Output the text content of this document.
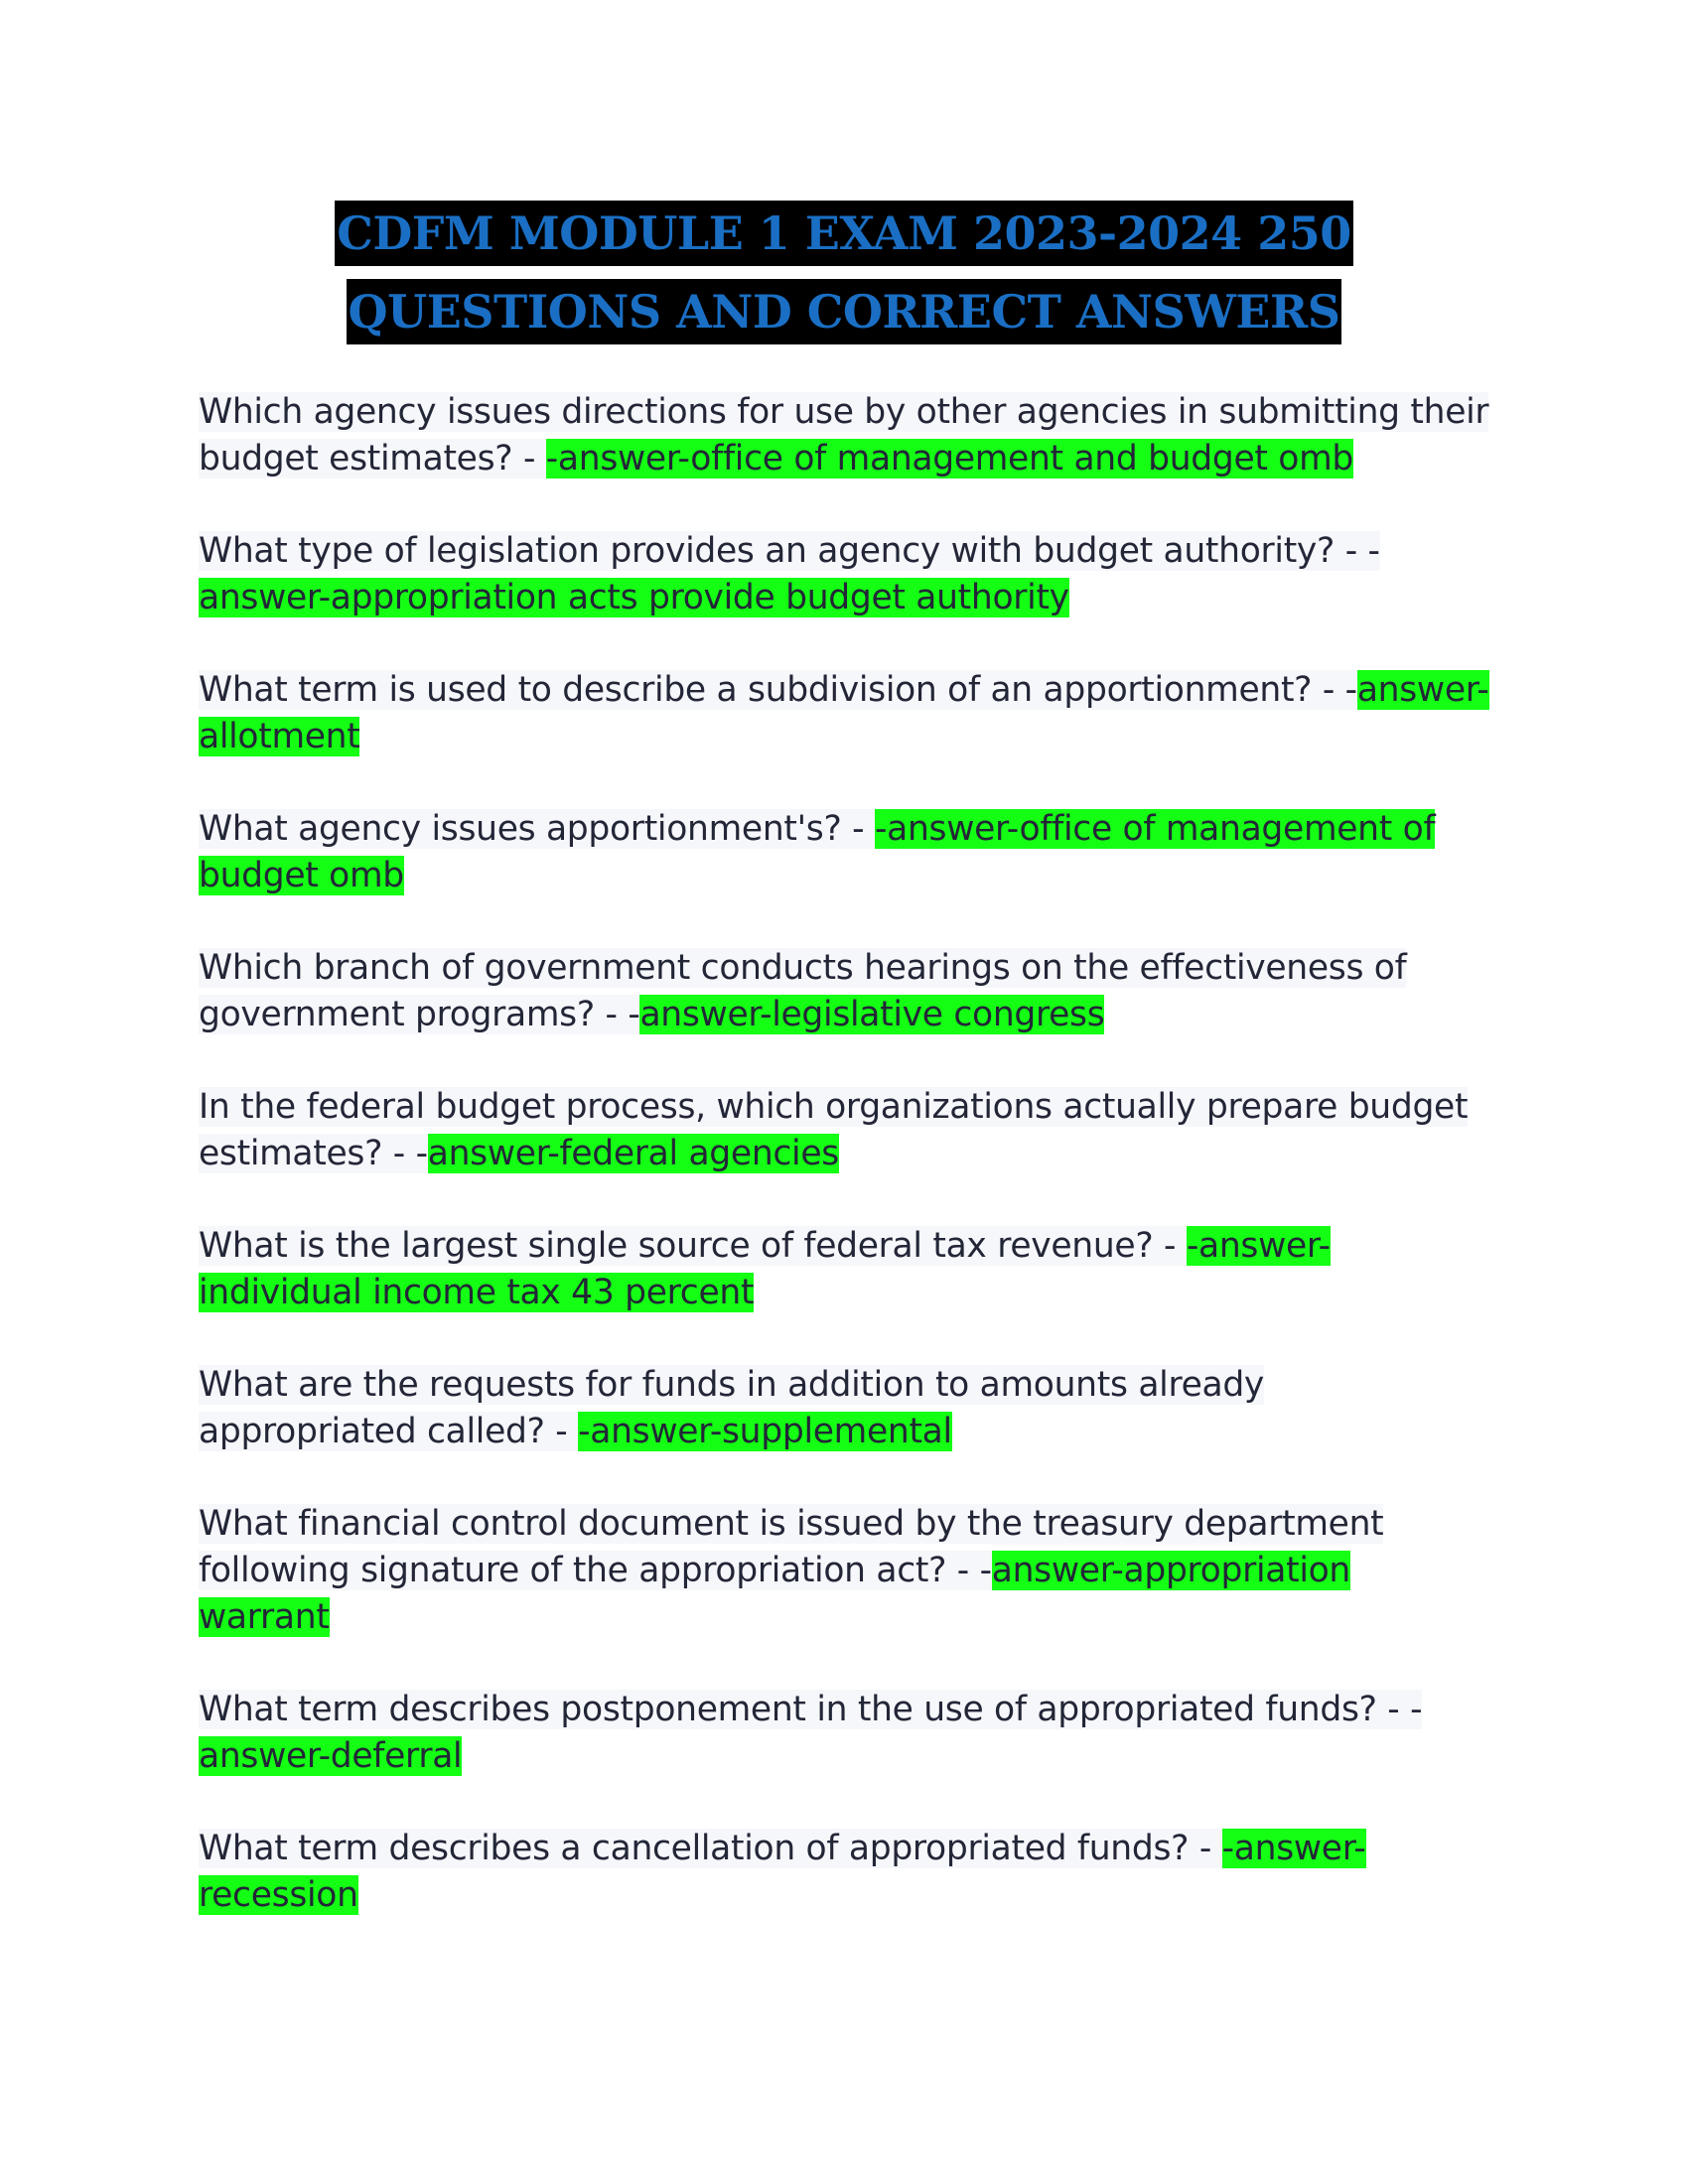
CDFM MODULE 1 EXAM 2023-2024 250 QUESTIONS AND CORRECT ANSWERS

Which agency issues directions for use by other agencies in submitting their budget estimates? - -answer-office of management and budget omb

What type of legislation provides an agency with budget authority? - -answer-appropriation acts provide budget authority

What term is used to describe a subdivision of an apportionment? - -answer-allotment

What agency issues apportionment's? - -answer-office of management of budget omb

Which branch of government conducts hearings on the effectiveness of government programs? - -answer-legislative congress

In the federal budget process, which organizations actually prepare budget estimates? - -answer-federal agencies

What is the largest single source of federal tax revenue? - -answer-individual income tax 43 percent

What are the requests for funds in addition to amounts already appropriated called? - -answer-supplemental

What financial control document is issued by the treasury department following signature of the appropriation act? - -answer-appropriation warrant

What term describes postponement in the use of appropriated funds? - -answer-deferral

What term describes a cancellation of appropriated funds? - -answer-recession
